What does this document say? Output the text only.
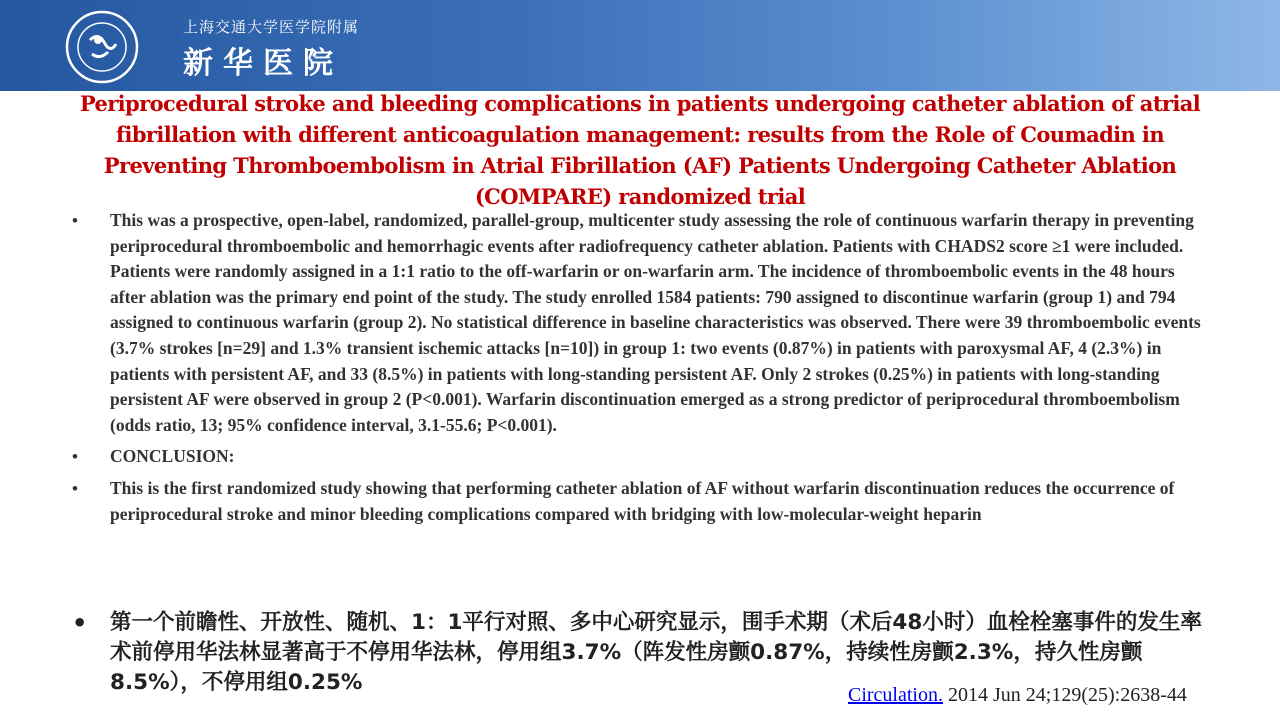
上海交通大学医学院附属
新华医院
Periprocedural stroke and bleeding complications in patients undergoing catheter ablation of atrial fibrillation with different anticoagulation management: results from the Role of Coumadin in Preventing Thromboembolism in Atrial Fibrillation (AF) Patients Undergoing Catheter Ablation (COMPARE) randomized trial
• This was a prospective, open-label, randomized, parallel-group, multicenter study assessing the role of continuous warfarin therapy in preventing periprocedural thromboembolic and hemorrhagic events after radiofrequency catheter ablation. Patients with CHADS2 score ≥1 were included. Patients were randomly assigned in a 1:1 ratio to the off-warfarin or on-warfarin arm. The incidence of thromboembolic events in the 48 hours after ablation was the primary end point of the study. The study enrolled 1584 patients: 790 assigned to discontinue warfarin (group 1) and 794 assigned to continuous warfarin (group 2). No statistical difference in baseline characteristics was observed. There were 39 thromboembolic events (3.7% strokes [n=29] and 1.3% transient ischemic attacks [n=10]) in group 1: two events (0.87%) in patients with paroxysmal AF, 4 (2.3%) in patients with persistent AF, and 33 (8.5%) in patients with long-standing persistent AF. Only 2 strokes (0.25%) in patients with long-standing persistent AF were observed in group 2 (P<0.001). Warfarin discontinuation emerged as a strong predictor of periprocedural thromboembolism (odds ratio, 13; 95% confidence interval, 3.1-55.6; P<0.001).
• CONCLUSION:
• This is the first randomized study showing that performing catheter ablation of AF without warfarin discontinuation reduces the occurrence of periprocedural stroke and minor bleeding complications compared with bridging with low-molecular-weight heparin
•	第一个前瞻性、开放性、随机、1：1平行对照、多中心研究显示，围手术期（术后48小时）血栓栓塞事件的发生率术前停用华法林显著高于不停用华法林，停用组3.7%（阵发性房颤0.87%，持续性房颤2.3%，持久性房颤8.5%），不停用组0.25%	Circulation. 2014 Jun 24;129(25):2638-44
